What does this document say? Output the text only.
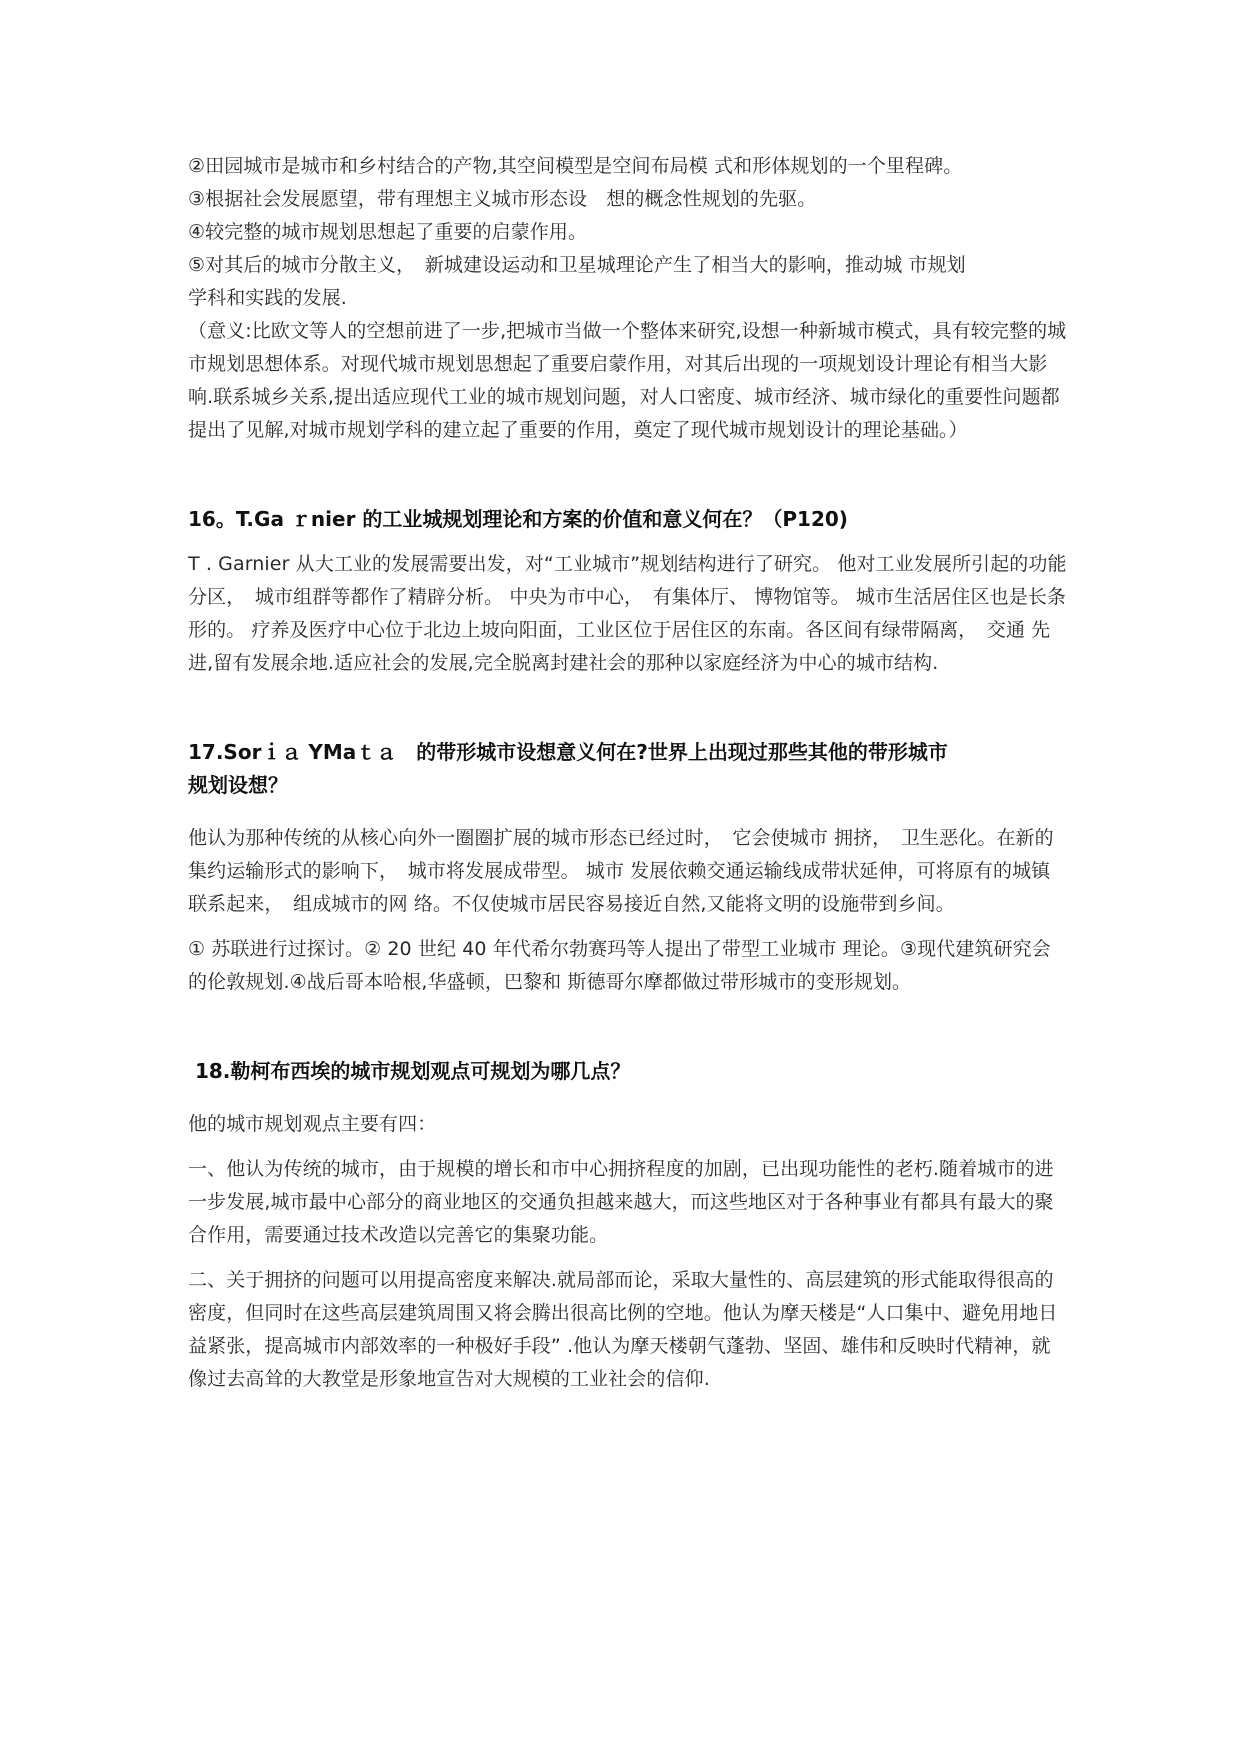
②田园城市是城市和乡村结合的产物,其空间模型是空间布局模 式和形体规划的一个里程碑。

③根据社会发展愿望，带有理想主义城市形态设　想的概念性规划的先驱。

④较完整的城市规划思想起了重要的启蒙作用。

⑤对其后的城市分散主义，　新城建设运动和卫星城理论产生了相当大的影响，推动城 市规划

学科和实践的发展.

（意义:比欧文等人的空想前进了一步,把城市当做一个整体来研究,设想一种新城市模式，具有较完整的城市规划思想体系。对现代城市规划思想起了重要启蒙作用，对其后出现的一项规划设计理论有相当大影响.联系城乡关系,提出适应现代工业的城市规划问题，对人口密度、城市经济、城市绿化的重要性问题都提出了见解,对城市规划学科的建立起了重要的作用，奠定了现代城市规划设计的理论基础。）

16。T.Ga ｒnier 的工业城规划理论和方案的价值和意义何在？（P120)

T . Garnier 从大工业的发展需要出发，对“工业城市”规划结构进行了研究。 他对工业发展所引起的功能分区，　城市组群等都作了精辟分析。 中央为市中心，　有集体厅、 博物馆等。 城市生活居住区也是长条形的。 疗养及医疗中心位于北边上坡向阳面，工业区位于居住区的东南。各区间有绿带隔离，　交通 先进,留有发展余地.适应社会的发展,完全脱离封建社会的那种以家庭经济为中心的城市结构.

17.Sorｉａ YMaｔａ　的带形城市设想意义何在?世界上出现过那些其他的带形城市
规划设想？

他认为那种传统的从核心向外一圈圈扩展的城市形态已经过时，　它会使城市 拥挤，　卫生恶化。在新的集约运输形式的影响下，　城市将发展成带型。 城市 发展依赖交通运输线成带状延伸，可将原有的城镇联系起来，　组成城市的网 络。不仅使城市居民容易接近自然,又能将文明的设施带到乡间。

① 苏联进行过探讨。② 20 世纪 40 年代希尔勃赛玛等人提出了带型工业城市 理论。③现代建筑研究会的伦敦规划.④战后哥本哈根,华盛顿，巴黎和 斯德哥尔摩都做过带形城市的变形规划。

18.勒柯布西埃的城市规划观点可规划为哪几点？

他的城市规划观点主要有四：

一、他认为传统的城市，由于规模的增长和市中心拥挤程度的加剧，已出现功能性的老朽.随着城市的进一步发展,城市最中心部分的商业地区的交通负担越来越大，而这些地区对于各种事业有都具有最大的聚合作用，需要通过技术改造以完善它的集聚功能。

二、关于拥挤的问题可以用提高密度来解决.就局部而论，采取大量性的、高层建筑的形式能取得很高的密度，但同时在这些高层建筑周围又将会腾出很高比例的空地。他认为摩天楼是“人口集中、避免用地日益紧张，提高城市内部效率的一种极好手段” .他认为摩天楼朝气蓬勃、坚固、雄伟和反映时代精神，就像过去高耸的大教堂是形象地宣告对大规模的工业社会的信仰.
